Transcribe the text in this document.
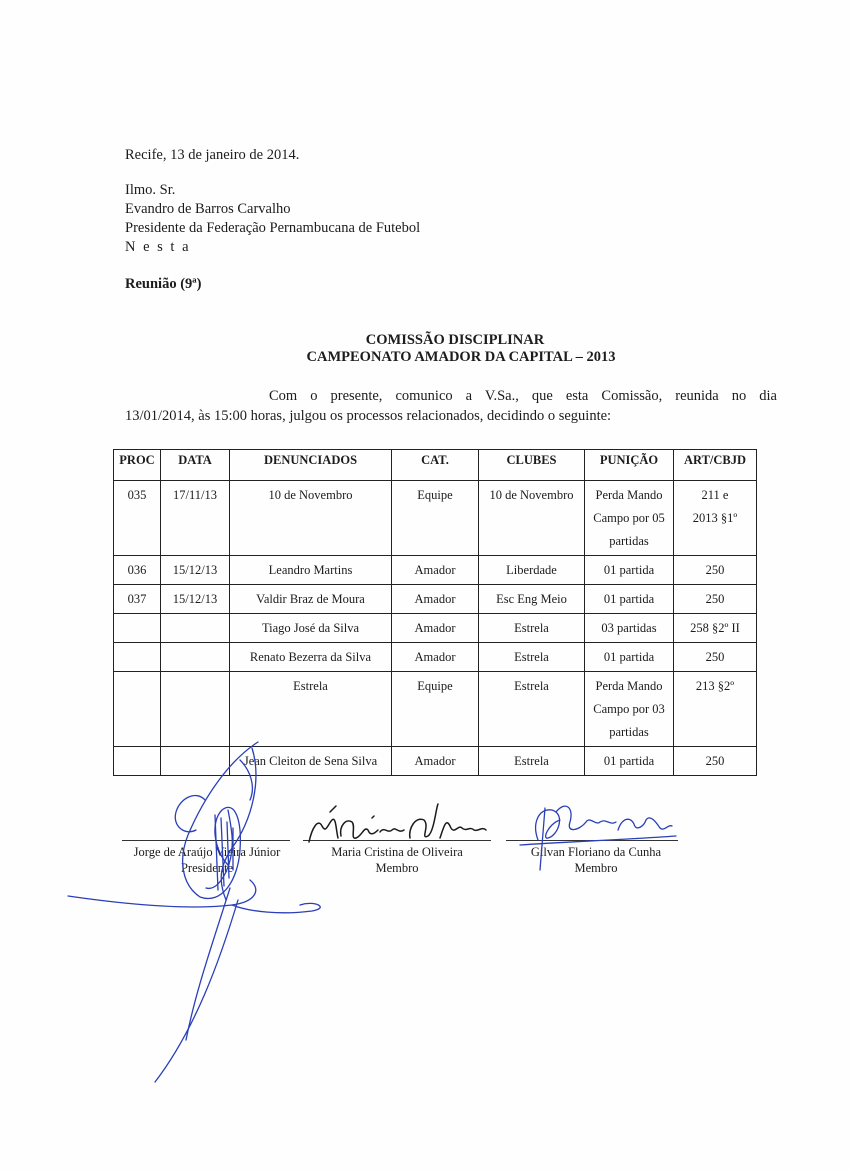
Recife, 13 de janeiro de 2014.
Ilmo. Sr.
Evandro de Barros Carvalho
Presidente da Federação Pernambucana de Futebol
N e s t a
Reunião (9ª)
COMISSÃO DISCIPLINAR
CAMPEONATO AMADOR DA CAPITAL – 2013
Com o presente, comunico a V.Sa., que esta Comissão, reunida no dia
13/01/2014, às 15:00 horas, julgou os processos relacionados, decidindo o seguinte:
PROC	DATA	DENUNCIADOS	CAT.	CLUBES	PUNIÇÃO	ART/CBJD
035	17/11/13	10 de Novembro	Equipe	10 de Novembro	Perda Mando Campo por 05 partidas	211 e 2013 §1º
036	15/12/13	Leandro Martins	Amador	Liberdade	01 partida	250
037	15/12/13	Valdir Braz de Moura	Amador	Esc Eng Meio	01 partida	250
		Tiago José da Silva	Amador	Estrela	03 partidas	258 §2º II
		Renato Bezerra da Silva	Amador	Estrela	01 partida	250
		Estrela	Equipe	Estrela	Perda Mando Campo por 03 partidas	213 §2º
		Jean Cleiton de Sena Silva	Amador	Estrela	01 partida	250
Jorge de Araújo Vieira Júnior
Presidente
Maria Cristina de Oliveira
Membro
Gilvan Floriano da Cunha
Membro
